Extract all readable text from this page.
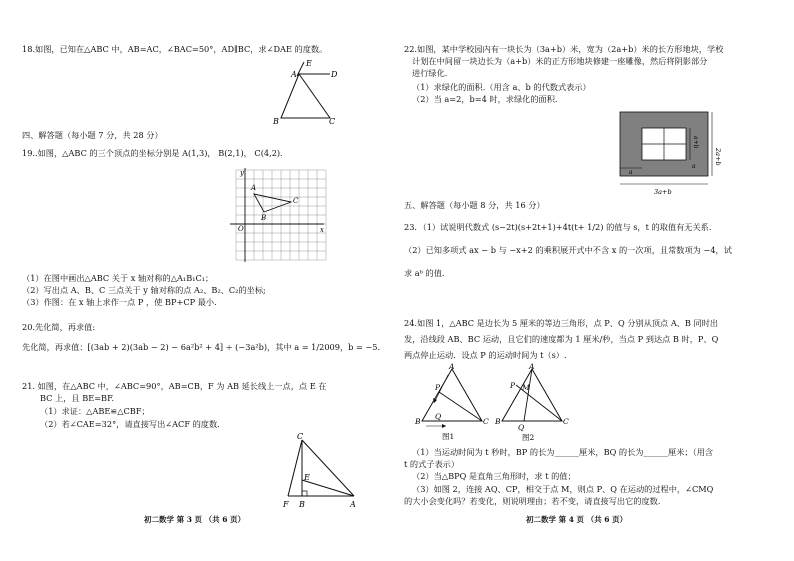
18.如图，已知在△ABC 中，AB=AC，∠BAC=50°，AD∥BC，求∠DAE 的度数。
E
A	D
B	C
四、解答题（每小题 7 分，共 28 分）
19..如图，△ABC 的三个顶点的坐标分别是 A(1,3)， B(2,1)， C(4,2)．
y
x
O
A
B
C
（1）在图中画出△ABC 关于 x 轴对称的△A₁B₁C₁；
（2）写出点 A、B、C 三点关于 y 轴对称的点 A₂、B₂、C₂的坐标;
（3）作图：在 x 轴上求作一点 P ，使 BP+CP 最小.
20.先化简，再求值:
先化简，再求值：[(3ab + 2)(3ab − 2) − 6a²b² + 4] ÷ (−3a²b)，其中 a = 1/2009，b = −5.
21. 如图，在△ABC 中，∠ABC=90°，AB=CB，F 为 AB 延长线上一点，点 E 在
BC 上，且 BE=BF.
（1）求证：△ABE≌△CBF；
（2）若∠CAE=32°，请直接写出∠ACF 的度数.
C
E
F B	A
初二数学 第 3 页 （共 6 页）
22.如图，某中学校园内有一块长为（3a+b）米，宽为（2a+b）米的长方形地块，学校
计划在中间留一块边长为（a+b）米的正方形地块修建一座雕像，然后将阴影部分
进行绿化.
（1）求绿化的面积.（用含 a、b 的代数式表示）
（2）当 a=2，b=4 时，求绿化的面积.
2a+b
a+b
a
a
3a+b
五、解答题（每小题 8 分，共 16 分）
23．（1）试说明代数式 (s−2t)(s+2t+1)+4t(t+ 1/2) 的值与 s，t 的取值有无关系.
（2）已知多项式 ax − b 与 −x+2 的乘积展开式中不含 x 的一次项，且常数项为 −4，试
求 aᵇ 的值.
24.如图 1，△ABC 是边长为 5 厘米的等边三角形，点 P、Q 分别从顶点 A、B 同时出
发，沿线段 AB、BC 运动，且它们的速度都为 1 厘米/秒，当点 P 到达点 B 时，P、Q
两点停止运动．设点 P 的运动时间为 t（s）.
A
P
B
Q
C
图1
A
P M
B
Q
C
图2
（1）当运动时间为 t 秒时，BP 的长为______厘米，BQ 的长为______厘米；（用含
t 的式子表示）
（2）当△BPQ 是直角三角形时，求 t 的值；
（3）如图 2，连接 AQ、CP，相交于点 M，则点 P、Q 在运动的过程中，∠CMQ
的大小会变化吗？若变化，则说明理由；若不变，请直接写出它的度数.
初二数学 第 4 页 （共 6 页）
